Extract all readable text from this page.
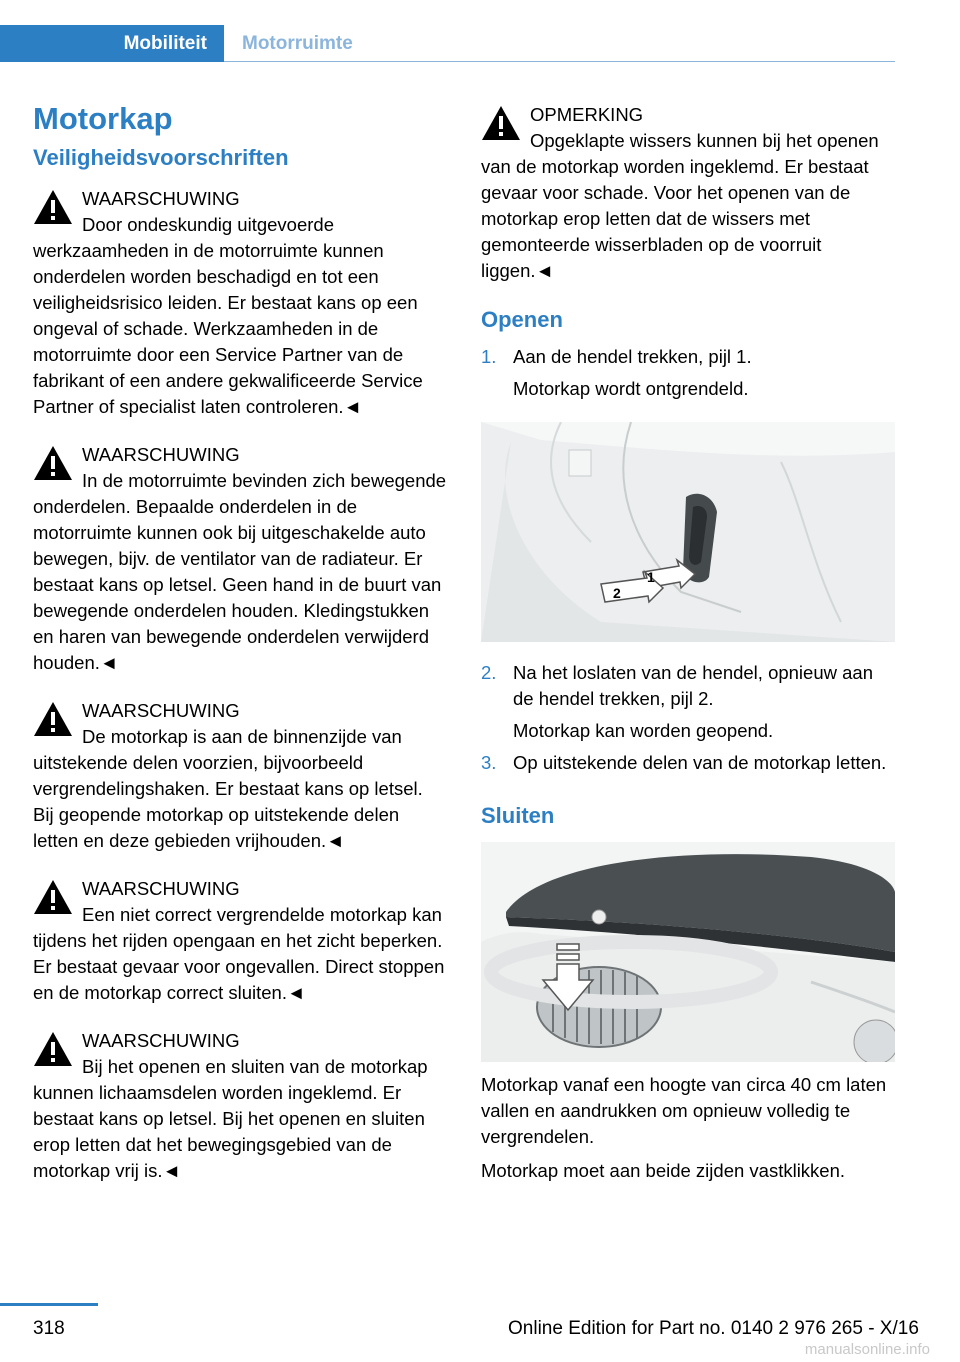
Mobiliteit	Motorruimte
Motorkap
Veiligheidsvoorschriften
WAARSCHUWING
Door ondeskundig uitgevoerde werkzaamheden in de motorruimte kunnen onderdelen worden beschadigd en tot een veiligheidsrisico leiden. Er bestaat kans op een ongeval of schade. Werkzaamheden in de motorruimte door een Service Partner van de fabrikant of een andere gekwalificeerde Service Partner of specialist laten controleren.◄
WAARSCHUWING
In de motorruimte bevinden zich bewegende onderdelen. Bepaalde onderdelen in de motorruimte kunnen ook bij uitgeschakelde auto bewegen, bijv. de ventilator van de radiateur. Er bestaat kans op letsel. Geen hand in de buurt van bewegende onderdelen houden. Kledingstukken en haren van bewegende onderdelen verwijderd houden.◄
WAARSCHUWING
De motorkap is aan de binnenzijde van uitstekende delen voorzien, bijvoorbeeld vergrendelingshaken. Er bestaat kans op letsel. Bij geopende motorkap op uitstekende delen letten en deze gebieden vrijhouden.◄
WAARSCHUWING
Een niet correct vergrendelde motorkap kan tijdens het rijden opengaan en het zicht beperken. Er bestaat gevaar voor ongevallen. Direct stoppen en de motorkap correct sluiten.◄
WAARSCHUWING
Bij het openen en sluiten van de motorkap kunnen lichaamsdelen worden ingeklemd. Er bestaat kans op letsel. Bij het openen en sluiten erop letten dat het bewegingsgebied van de motorkap vrij is.◄
OPMERKING
Opgeklapte wissers kunnen bij het openen van de motorkap worden ingeklemd. Er bestaat gevaar voor schade. Voor het openen van de motorkap erop letten dat de wissers met gemonteerde wisserbladen op de voorruit liggen.◄
Openen
1. Aan de hendel trekken, pijl 1.
Motorkap wordt ontgrendeld.
1
2
2. Na het loslaten van de hendel, opnieuw aan de hendel trekken, pijl 2.
Motorkap kan worden geopend.
3. Op uitstekende delen van de motorkap letten.
Sluiten

Motorkap vanaf een hoogte van circa 40 cm laten vallen en aandrukken om opnieuw volledig te vergrendelen.

Motorkap moet aan beide zijden vastklikken.

318	Online Edition for Part no. 0140 2 976 265 - X/16
manualsonline.info
